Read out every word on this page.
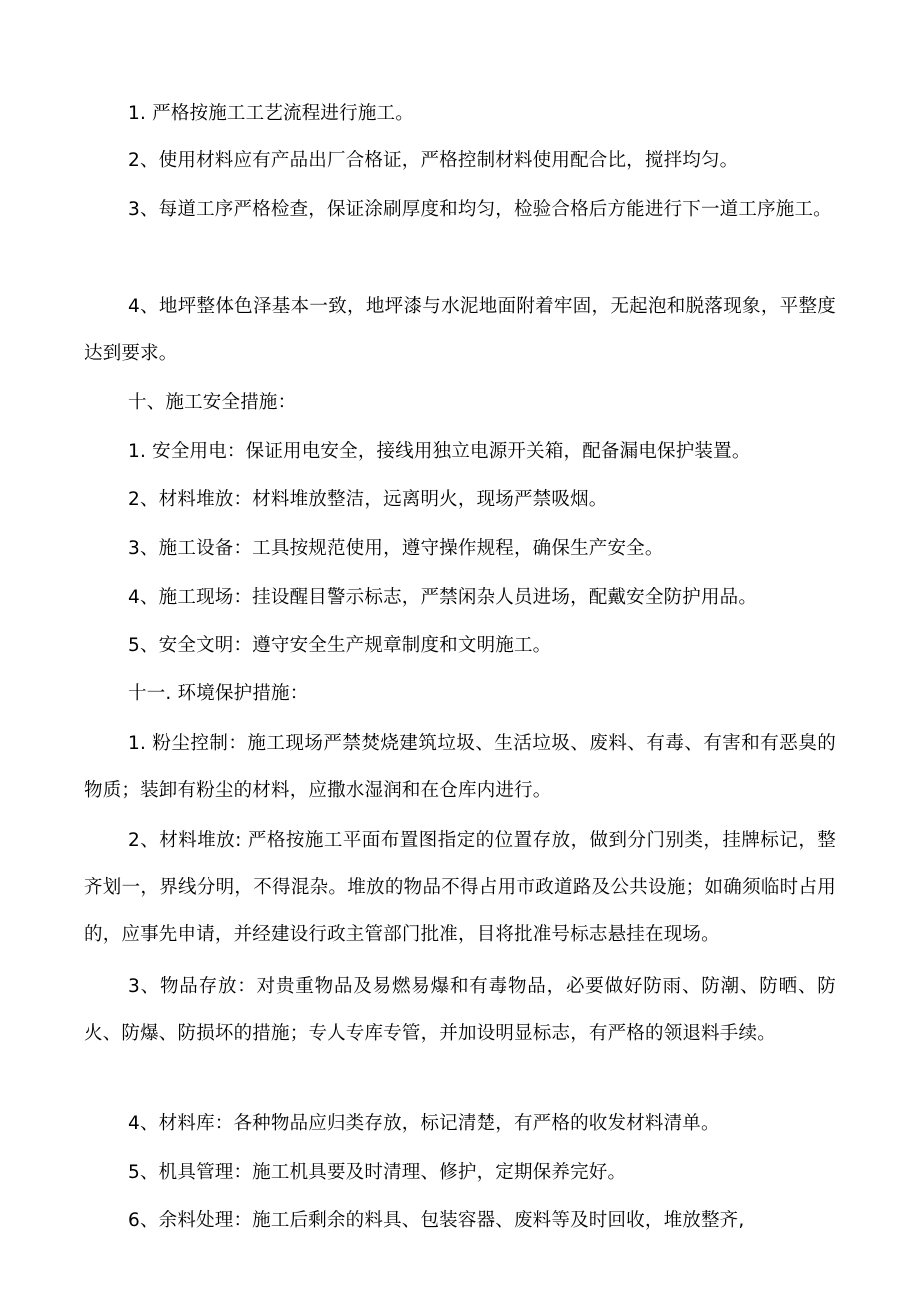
1. 严格按施工工艺流程进行施工。

2、使用材料应有产品出厂合格证，严格控制材料使用配合比，搅拌均匀。

3、每道工序严格检查，保证涂刷厚度和均匀，检验合格后方能进行下一道工序施工。

4、地坪整体色泽基本一致，地坪漆与水泥地面附着牢固，无起泡和脱落现象，平整度达到要求。

十、施工安全措施：

1. 安全用电：保证用电安全，接线用独立电源开关箱，配备漏电保护装置。

2、材料堆放：材料堆放整洁，远离明火，现场严禁吸烟。

3、施工设备：工具按规范使用，遵守操作规程，确保生产安全。

4、施工现场：挂设醒目警示标志，严禁闲杂人员进场，配戴安全防护用品。

5、安全文明：遵守安全生产规章制度和文明施工。

十一. 环境保护措施：

1. 粉尘控制：施工现场严禁焚烧建筑垃圾、生活垃圾、废料、有毒、有害和有恶臭的物质；装卸有粉尘的材料，应撒水湿润和在仓库内进行。

2、材料堆放: 严格按施工平面布置图指定的位置存放，做到分门别类，挂牌标记，整齐划一，界线分明，不得混杂。堆放的物品不得占用市政道路及公共设施；如确须临时占用的，应事先申请，并经建设行政主管部门批准，目将批准号标志悬挂在现场。

3、物品存放：对贵重物品及易燃易爆和有毒物品，必要做好防雨、防潮、防晒、防火、防爆、防损坏的措施；专人专库专管，并加设明显标志，有严格的领退料手续。

4、材料库：各种物品应归类存放，标记清楚，有严格的收发材料清单。

5、机具管理：施工机具要及时清理、修护，定期保养完好。

6、余料处理：施工后剩余的料具、包装容器、废料等及时回收，堆放整齐,
